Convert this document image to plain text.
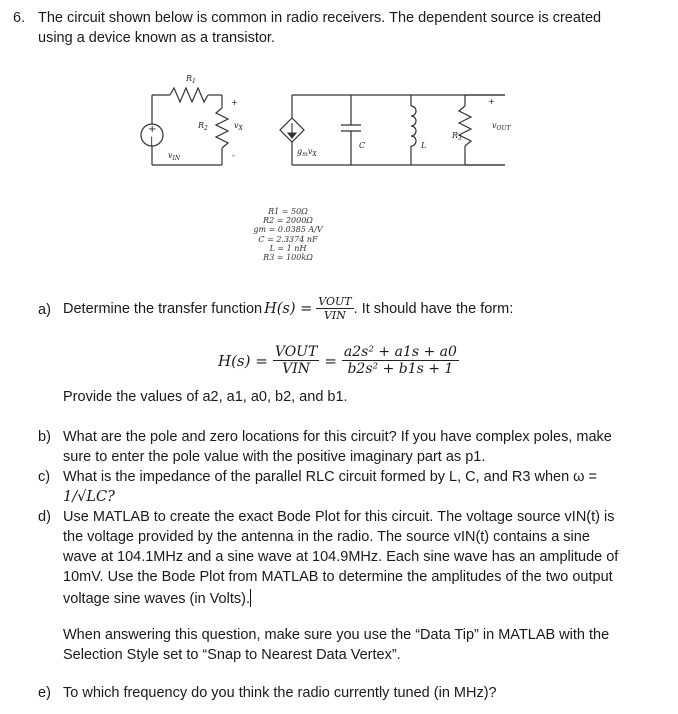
6. The circuit shown below is common in radio receivers. The dependent source is created
using a device known as a transistor.
+
|
$R_1$
$R_2$
$v_{IN}$
+
$v_X$
-	$g_mv_X$
C	L
$R_3$
+
$v_{OUT}$
R1 = 50Ω
R2 = 2000Ω
gm = 0.0385 A/V
C = 2.3374 nF
L = 1 nH
R3 = 100kΩ
a) Determine the transfer function $H(s) = \frac{\text{VOUT}}{\text{VIN}}$ . It should have the form:
$H(s) = \frac{\text{VOUT}}{\text{VIN}} = \frac{\text{a2s² + a1s + a0}}{\text{b2s² + b1s + 1}}$
Provide the values of a2, a1, a0, b2, and b1.
b) What are the pole and zero locations for this circuit? If you have complex poles, make
sure to enter the pole value with the positive imaginary part as p1.
c) What is the impedance of the parallel RLC circuit formed by L, C, and R3 when ω =
1/√LC?
d) Use MATLAB to create the exact Bode Plot for this circuit. The voltage source vIN(t) is
the voltage provided by the antenna in the radio. The source vIN(t) contains a sine
wave at 104.1MHz and a sine wave at 104.9MHz. Each sine wave has an amplitude of
10mV. Use the Bode Plot from MATLAB to determine the amplitudes of the two output
voltage sine waves (in Volts).
When answering this question, make sure you use the “Data Tip” in MATLAB with the
Selection Style set to “Snap to Nearest Data Vertex”.
e) To which frequency do you think the radio currently tuned (in MHz)?
